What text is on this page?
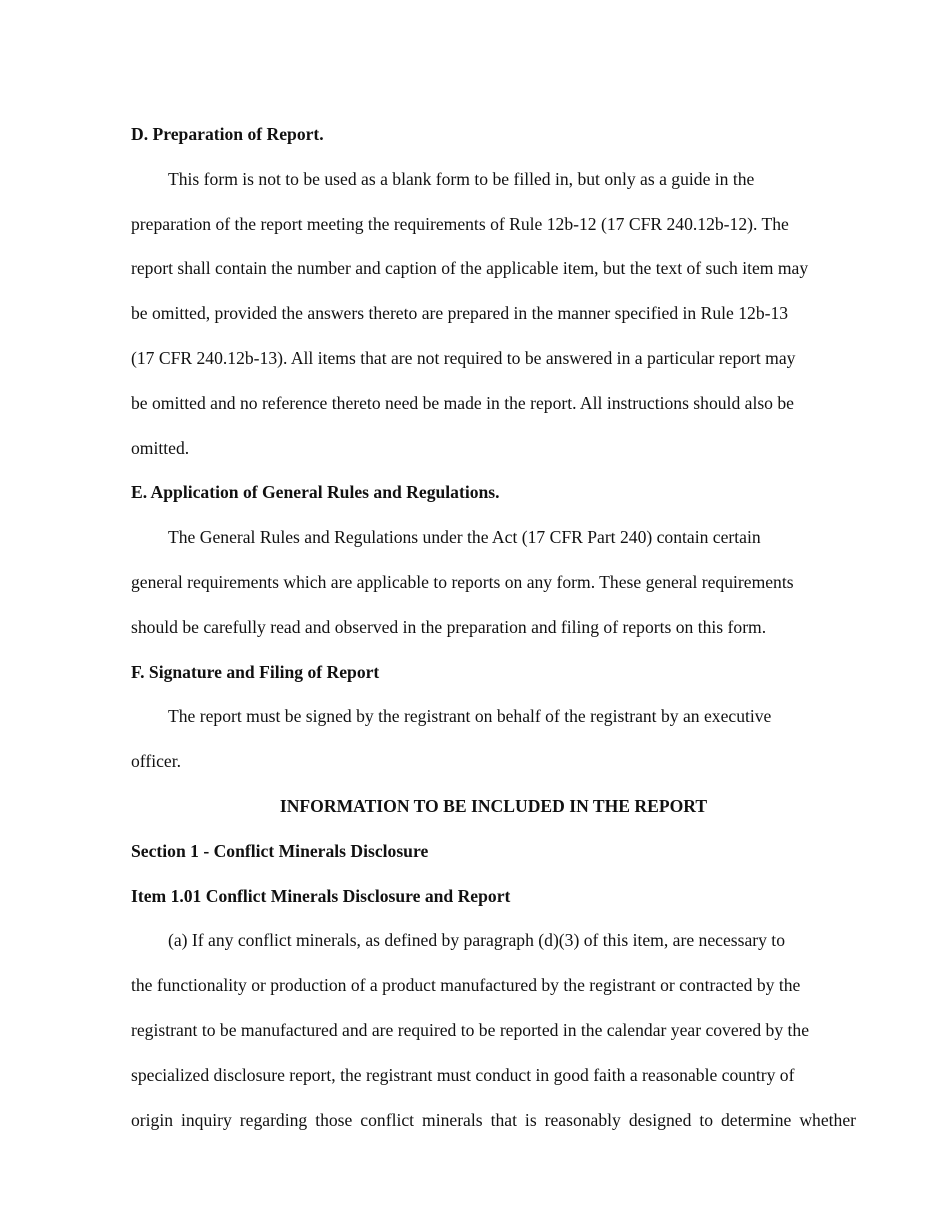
D. Preparation of Report.
This form is not to be used as a blank form to be filled in, but only as a guide in the
preparation of the report meeting the requirements of Rule 12b-12 (17 CFR 240.12b-12). The
report shall contain the number and caption of the applicable item, but the text of such item may
be omitted, provided the answers thereto are prepared in the manner specified in Rule 12b-13
(17 CFR 240.12b-13). All items that are not required to be answered in a particular report may
be omitted and no reference thereto need be made in the report. All instructions should also be
omitted.
E. Application of General Rules and Regulations.
The General Rules and Regulations under the Act (17 CFR Part 240) contain certain
general requirements which are applicable to reports on any form. These general requirements
should be carefully read and observed in the preparation and filing of reports on this form.
F. Signature and Filing of Report
The report must be signed by the registrant on behalf of the registrant by an executive
officer.
INFORMATION TO BE INCLUDED IN THE REPORT
Section 1 - Conflict Minerals Disclosure
Item 1.01 Conflict Minerals Disclosure and Report
(a) If any conflict minerals, as defined by paragraph (d)(3) of this item, are necessary to
the functionality or production of a product manufactured by the registrant or contracted by the
registrant to be manufactured and are required to be reported in the calendar year covered by the
specialized disclosure report, the registrant must conduct in good faith a reasonable country of
origin inquiry regarding those conflict minerals that is reasonably designed to determine whether
